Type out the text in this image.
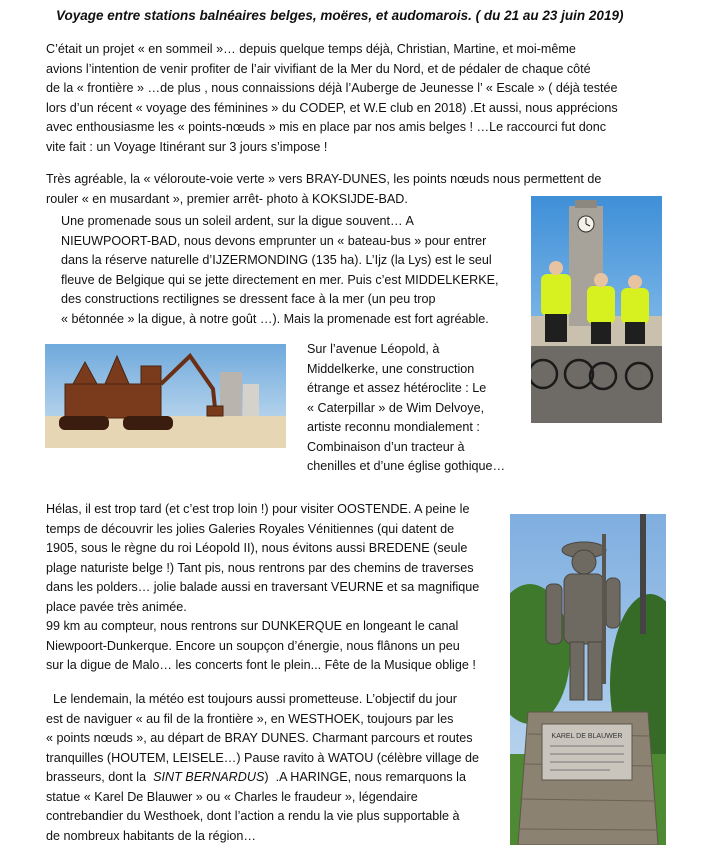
Voyage entre stations balnéaires belges, moëres, et audomarois. ( du 21 au 23 juin 2019)
C’était un projet « en sommeil »… depuis quelque temps déjà, Christian, Martine, et moi-même
avions l’intention de venir profiter de l’air vivifiant de la Mer du Nord, et de pédaler de chaque côté
de la « frontière » …de plus , nous connaissions déjà l’Auberge de Jeunesse l’ « Escale » ( déjà testée
lors d’un récent « voyage des féminines » du CODEP, et W.E club en 2018) .Et aussi, nous apprécions
avec enthousiasme les « points-nœuds » mis en place par nos amis belges ! …Le raccourci fut donc
vite fait : un Voyage Itinérant sur 3 jours s’impose !
Très agréable, la « véloroute-voie verte » vers BRAY-DUNES, les points nœuds nous permettent de
rouler « en musardant », premier arrêt- photo à KOKSIJDE-BAD.
Une promenade sous un soleil ardent, sur la digue souvent… A
NIEUWPOORT-BAD, nous devons emprunter un « bateau-bus » pour entrer
dans la réserve naturelle d’IJZERMONDING (135 ha). L’Ijz (la Lys) est le seul
fleuve de Belgique qui se jette directement en mer. Puis c’est MIDDELKERKE,
des constructions rectilignes se dressent face à la mer (un peu trop
« bétonnée » la digue, à notre goût …). Mais la promenade est fort agréable.
Sur l’avenue Léopold, à
Middelkerke, une construction
étrange et assez hétéroclite : Le
« Caterpillar » de Wim Delvoye,
artiste reconnu mondialement :
Combinaison d’un tracteur à
chenilles et d’une église gothique…
Hélas, il est trop tard (et c’est trop loin !) pour visiter OOSTENDE. A peine le
temps de découvrir les jolies Galeries Royales Vénitiennes (qui datent de
1905, sous le règne du roi Léopold II), nous évitons aussi BREDENE (seule
plage naturiste belge !) Tant pis, nous rentrons par des chemins de traverses
dans les polders… jolie balade aussi en traversant VEURNE et sa magnifique
place pavée très animée.
99 km au compteur, nous rentrons sur DUNKERQUE en longeant le canal
Niewpoort-Dunkerque. Encore un soupçon d’énergie, nous flânons un peu
sur la digue de Malo… les concerts font le plein... Fête de la Musique oblige !
KAREL DE BLAUWER
Le lendemain, la météo est toujours aussi prometteuse. L’objectif du jour
est de naviguer « au fil de la frontière », en WESTHOEK, toujours par les
« points nœuds », au départ de BRAY DUNES. Charmant parcours et routes
tranquilles (HOUTEM, LEISELE…) Pause ravito à WATOU (célèbre village de
brasseurs, dont la  SINT BERNARDUS)  .A HARINGE, nous remarquons la
statue « Karel De Blauwer » ou « Charles le fraudeur », légendaire
contrebandier du Westhoek, dont l’action a rendu la vie plus supportable à
de nombreux habitants de la région…
